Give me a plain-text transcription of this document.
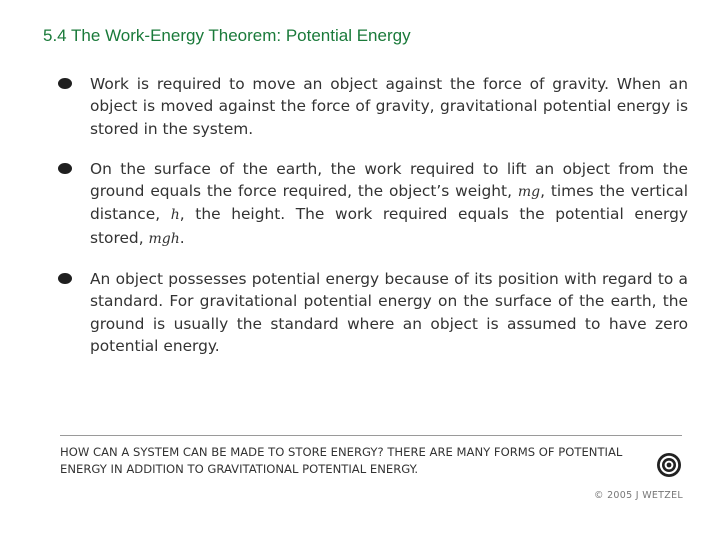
5.4 The Work-Energy Theorem: Potential Energy
Work is required to move an object against the force of gravity. When an object is moved against the force of gravity, gravitational potential energy is stored in the system.
On the surface of the earth, the work required to lift an object from the ground equals the force required, the object’s weight, mg, times the vertical distance, h, the height. The work required equals the potential energy stored, mgh.
An object possesses potential energy because of its position with regard to a standard. For gravitational potential energy on the surface of the earth, the ground is usually the standard where an object is assumed to have zero potential energy.

HOW CAN A SYSTEM CAN BE MADE TO STORE ENERGY? THERE ARE MANY FORMS OF POTENTIAL ENERGY IN ADDITION TO GRAVITATIONAL POTENTIAL ENERGY.

© 2005 J WETZEL
